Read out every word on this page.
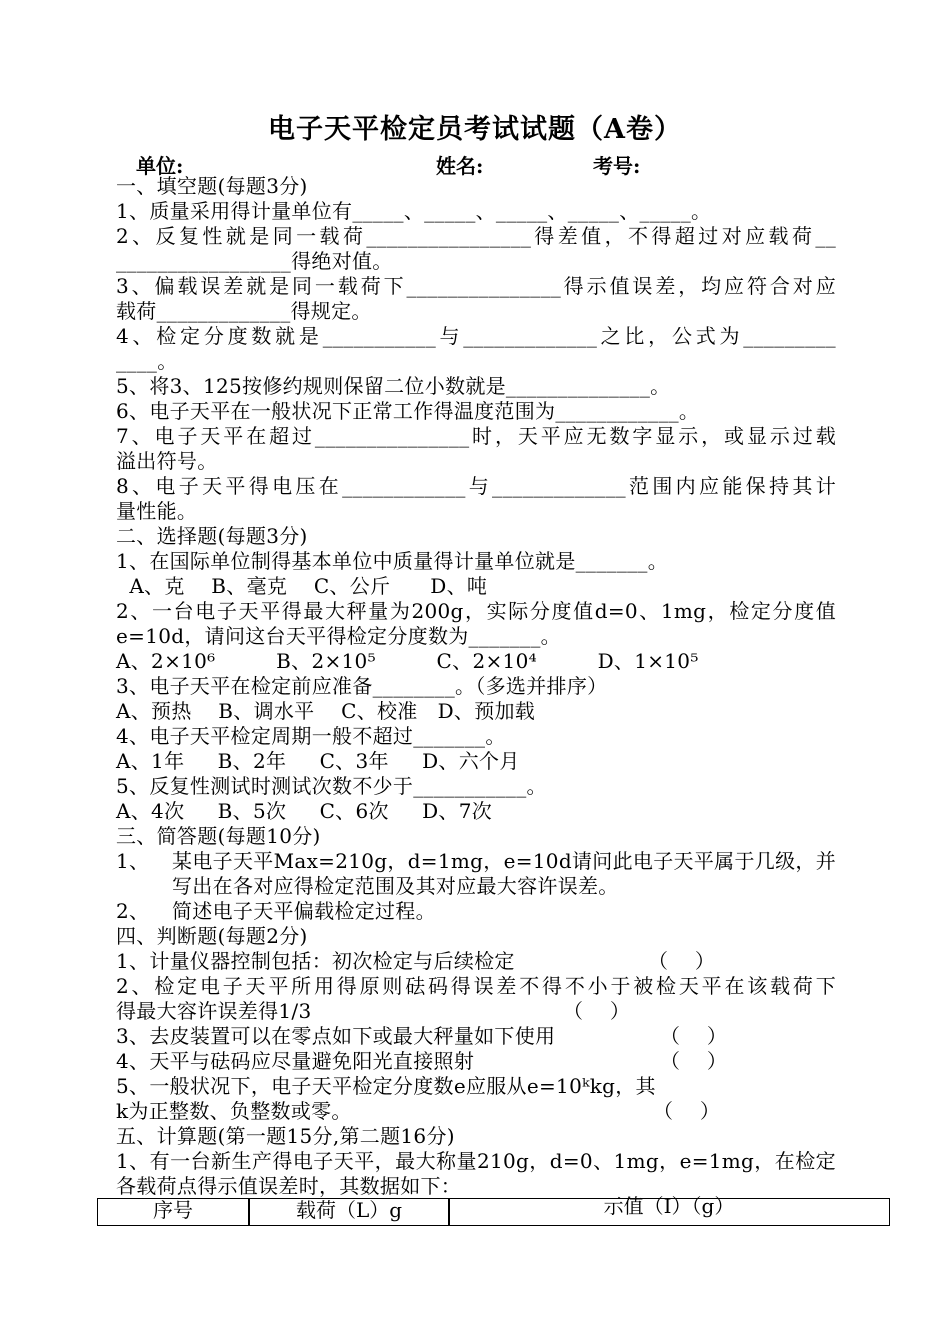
电子天平检定员考试试题（A卷）
单位:	姓名:	考号:
一、填空题(每题3分)
1、质量采用得计量单位有_____、_____、_____、_____、_____。
2、反复性就是同一载荷________________得差值，不得超过对应载荷__
_________________得绝对值。
3、偏载误差就是同一载荷下_______________得示值误差，均应符合对应
载荷_____________得规定。
4、检定分度数就是___________与_____________之比，公式为_________
____。
5、将3、125按修约规则保留二位小数就是______________。
6、电子天平在一般状况下正常工作得温度范围为____________。
7、电子天平在超过_______________时，天平应无数字显示，或显示过载
溢出符号。
8、电子天平得电压在____________与_____________范围内应能保持其计
量性能。
二、选择题(每题3分)
1、在国际单位制得基本单位中质量得计量单位就是_______。
A、克    B、毫克    C、公斤      D、吨
2、一台电子天平得最大秤量为200g，实际分度值d=0、1mg，检定分度值
e=10d，请问这台天平得检定分度数为_______。
A、2×10⁶ B、2×10⁵ C、2×10⁴ D、1×10⁵
3、电子天平在检定前应准备________。（多选并排序）
A、预热    B、调水平    C、校准   D、预加载
4、电子天平检定周期一般不超过_______。
A、1年     B、2年     C、3年     D、六个月
5、反复性测试时测试次数不少于___________。
A、4次     B、5次     C、6次     D、7次
三、简答题(每题10分)
1、 某电子天平Max=210g，d=1mg，e=10d请问此电子天平属于几级，并
写出在各对应得检定范围及其对应最大容许误差。
2、 简述电子天平偏载检定过程。
四、判断题(每题2分)
1、计量仪器控制包括：初次检定与后续检定	（    ）
2、检定电子天平所用得原则砝码得误差不得不小于被检天平在该载荷下
得最大容许误差得1/3	（    ）
3、去皮装置可以在零点如下或最大秤量如下使用	（    ）
4、天平与砝码应尽量避免阳光直接照射	（    ）
5、一般状况下，电子天平检定分度数e应服从e=10ᵏkg，其
k为正整数、负整数或零。	（    ）
五、计算题(第一题15分,第二题16分)
1、有一台新生产得电子天平，最大称量210g，d=0、1mg，e=1mg，在检定
各载荷点得示值误差时，其数据如下：
序号	载荷（L）g	示值（I）（g）
